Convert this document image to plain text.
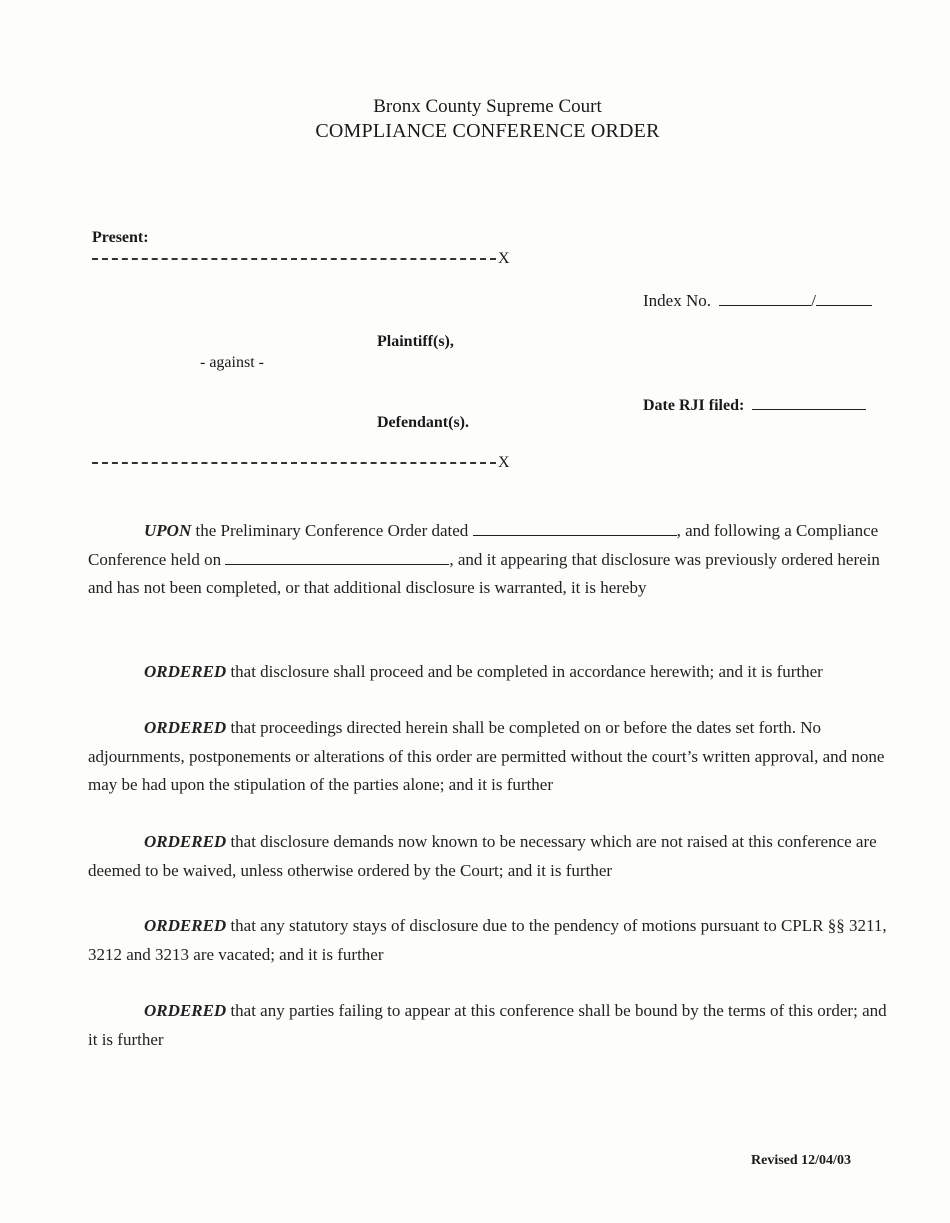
Bronx County Supreme Court
COMPLIANCE CONFERENCE ORDER
Present:
X
Index No.	/
Plaintiff(s),
- against -
Date RJI filed:
Defendant(s).
X

UPON the Preliminary Conference Order dated	, and following a Compliance Conference held on	, and it appearing that disclosure was previously ordered herein and has not been completed, or that additional disclosure is warranted, it is hereby

ORDERED that disclosure shall proceed and be completed in accordance herewith; and it is further

ORDERED that proceedings directed herein shall be completed on or before the dates set forth. No adjournments, postponements or alterations of this order are permitted without the court’s written approval, and none may be had upon the stipulation of the parties alone; and it is further

ORDERED that disclosure demands now known to be necessary which are not raised at this conference are deemed to be waived, unless otherwise ordered by the Court; and it is further

ORDERED that any statutory stays of disclosure due to the pendency of motions pursuant to CPLR §§ 3211, 3212 and 3213 are vacated; and it is further

ORDERED that any parties failing to appear at this conference shall be bound by the terms of this order; and it is further

Revised 12/04/03
